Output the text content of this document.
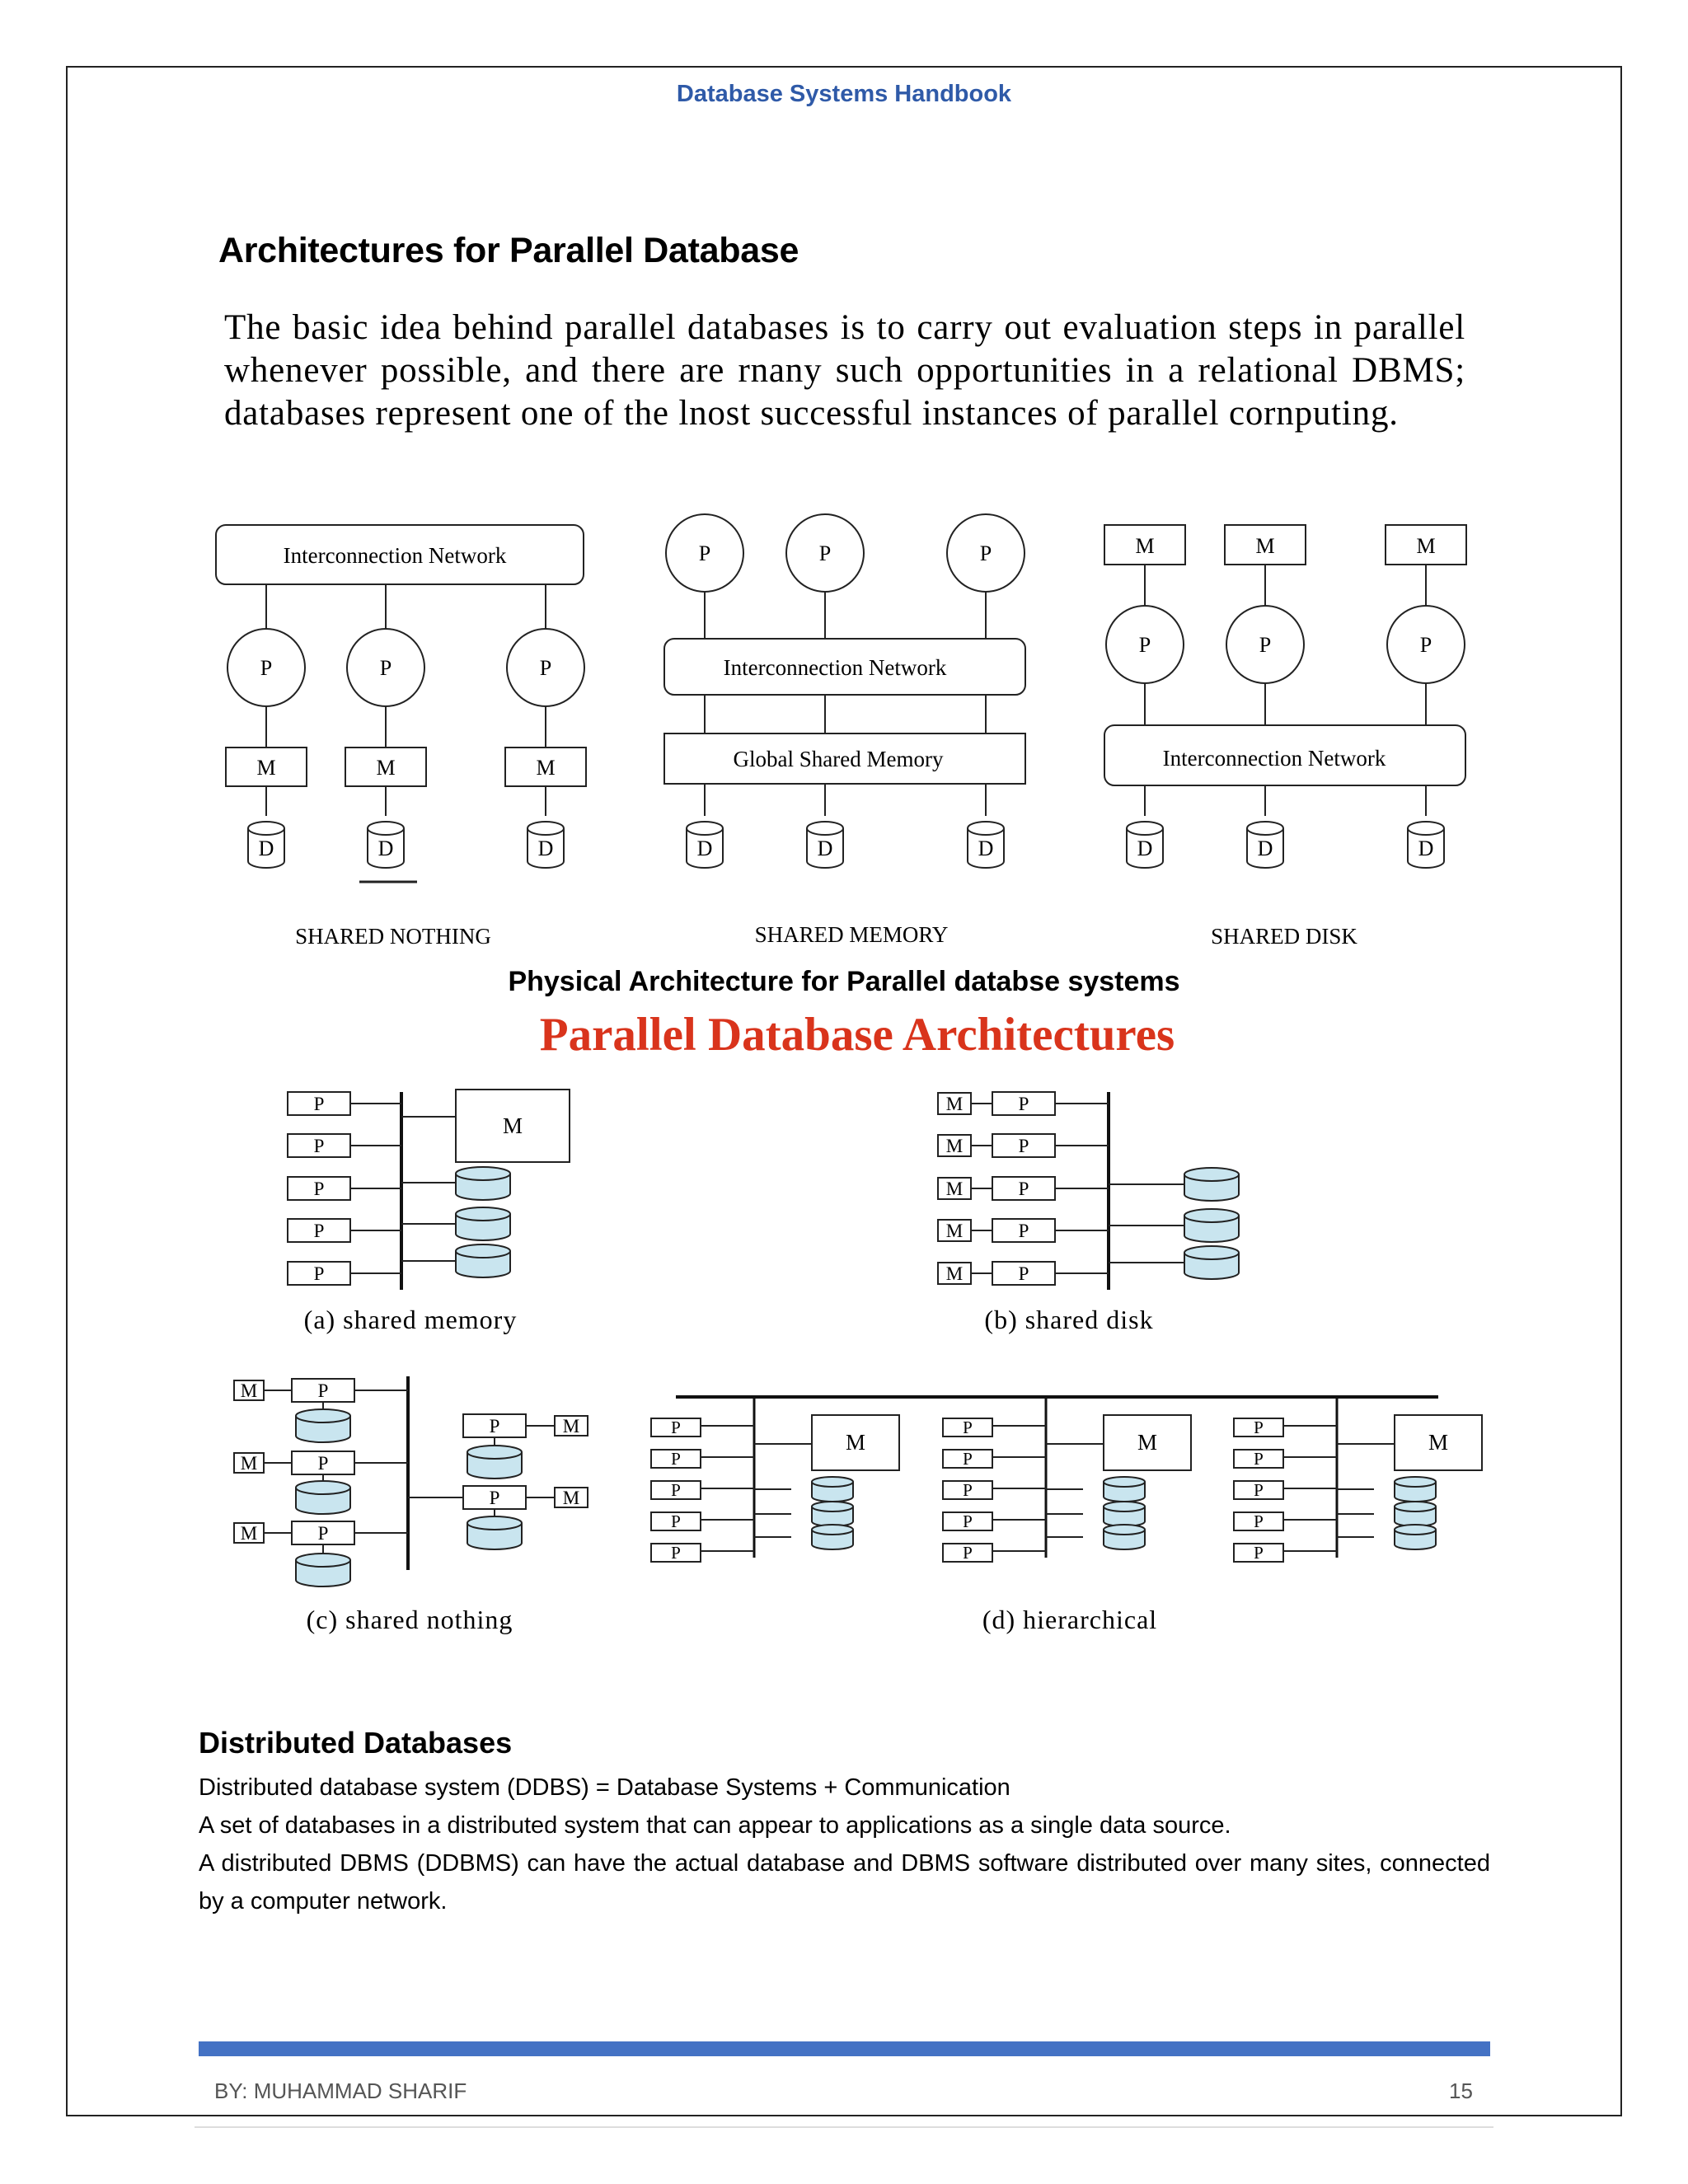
Database Systems Handbook
Architectures for Parallel Database
The basic idea behind parallel databases is to carry out evaluation steps in parallel whenever possible, and there are rnany such opportunities in a relational DBMS; databases represent one of the lnost successful instances of parallel cornputing.
Interconnection Network
P	P	P
M	M	M
D	D	D
SHARED NOTHING
P	P	P
Interconnection Network
Global Shared Memory
D	D	D
SHARED MEMORY
M	M	M
P	P	P
Interconnection Network
D	D	D
SHARED DISK
Physical Architecture for Parallel databse systems
Parallel Database Architectures
P
P
P
P
P
M
(a) shared memory
P
P
P
P
P
M
M
M
M
M
(b) shared disk
P
P
P
P
P
M
M
M
M
M
(c) shared nothing
P
P
P
P
P
M
(d) hierarchical
Distributed Databases
Distributed database system (DDBS) = Database Systems + Communication
A set of databases in a distributed system that can appear to applications as a single data source.
A distributed DBMS (DDBMS) can have the actual database and DBMS software distributed over many sites, connected by a computer network.
BY: MUHAMMAD SHARIF	15
